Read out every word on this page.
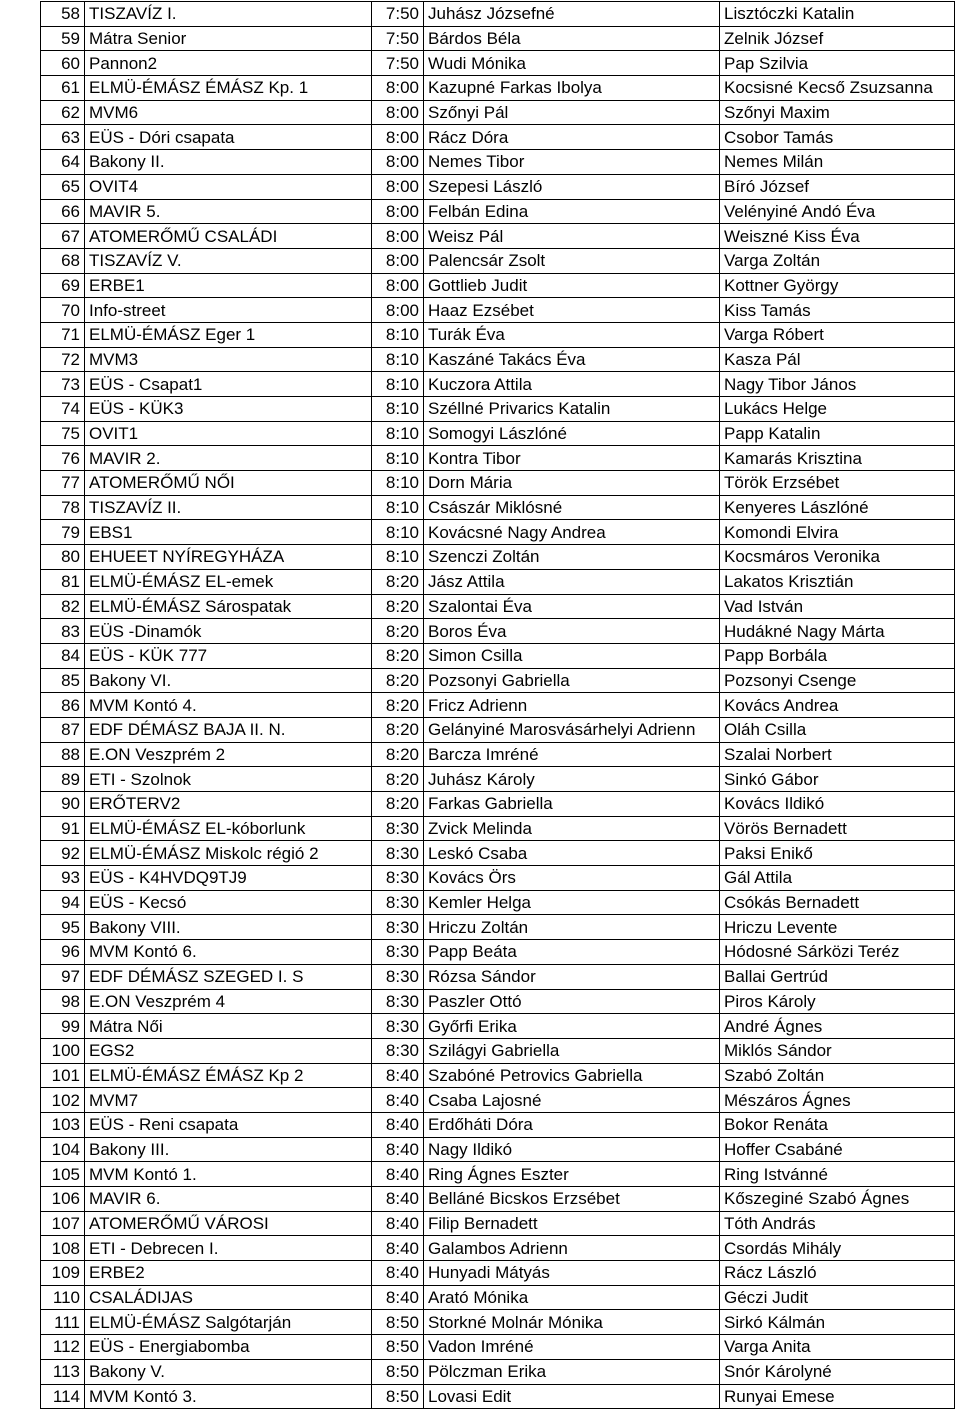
58	TISZAVÍZ I.	7:50	Juhász Józsefné	Lisztóczki Katalin
59	Mátra Senior	7:50	Bárdos Béla	Zelnik József
60	Pannon2	7:50	Wudi Mónika	Pap Szilvia
61	ELMÜ-ÉMÁSZ ÉMÁSZ Kp. 1	8:00	Kazupné Farkas Ibolya	Kocsisné Kecső Zsuzsanna
62	MVM6	8:00	Szőnyi Pál	Szőnyi Maxim
63	EÜS - Dóri csapata	8:00	Rácz Dóra	Csobor Tamás
64	Bakony II.	8:00	Nemes Tibor	Nemes Milán
65	OVIT4	8:00	Szepesi László	Bíró József
66	MAVIR 5.	8:00	Felbán Edina	Velényiné Andó Éva
67	ATOMERŐMŰ CSALÁDI	8:00	Weisz Pál	Weiszné Kiss Éva
68	TISZAVÍZ V.	8:00	Palencsár Zsolt	Varga Zoltán
69	ERBE1	8:00	Gottlieb Judit	Kottner György
70	Info-street	8:00	Haaz Ezsébet	Kiss Tamás
71	ELMÜ-ÉMÁSZ Eger 1	8:10	Turák Éva	Varga Róbert
72	MVM3	8:10	Kaszáné Takács Éva	Kasza Pál
73	EÜS - Csapat1	8:10	Kuczora Attila	Nagy Tibor János
74	EÜS - KÜK3	8:10	Széllné Privarics Katalin	Lukács Helge
75	OVIT1	8:10	Somogyi Lászlóné	Papp Katalin
76	MAVIR 2.	8:10	Kontra Tibor	Kamarás Krisztina
77	ATOMERŐMŰ NŐI	8:10	Dorn Mária	Török Erzsébet
78	TISZAVÍZ II.	8:10	Császár Miklósné	Kenyeres Lászlóné
79	EBS1	8:10	Kovácsné Nagy Andrea	Komondi Elvira
80	EHUEET NYÍREGYHÁZA	8:10	Szenczi Zoltán	Kocsmáros Veronika
81	ELMÜ-ÉMÁSZ EL-emek	8:20	Jász Attila	Lakatos Krisztián
82	ELMÜ-ÉMÁSZ Sárospatak	8:20	Szalontai Éva	Vad István
83	EÜS -Dinamók	8:20	Boros Éva	Hudákné Nagy Márta
84	EÜS - KÜK 777	8:20	Simon Csilla	Papp Borbála
85	Bakony VI.	8:20	Pozsonyi Gabriella	Pozsonyi Csenge
86	MVM Kontó 4.	8:20	Fricz Adrienn	Kovács Andrea
87	EDF DÉMÁSZ BAJA II. N.	8:20	Gelányiné Marosvásárhelyi Adrienn	Oláh Csilla
88	E.ON Veszprém 2	8:20	Barcza Imréné	Szalai Norbert
89	ETI - Szolnok	8:20	Juhász Károly	Sinkó Gábor
90	ERŐTERV2	8:20	Farkas Gabriella	Kovács Ildikó
91	ELMÜ-ÉMÁSZ EL-kóborlunk	8:30	Zvick Melinda	Vörös Bernadett
92	ELMÜ-ÉMÁSZ Miskolc régió 2	8:30	Leskó Csaba	Paksi Enikő
93	EÜS - K4HVDQ9TJ9	8:30	Kovács Örs	Gál Attila
94	EÜS - Kecsó	8:30	Kemler Helga	Csókás Bernadett
95	Bakony VIII.	8:30	Hriczu Zoltán	Hriczu Levente
96	MVM Kontó 6.	8:30	Papp Beáta	Hódosné Sárközi Teréz
97	EDF DÉMÁSZ SZEGED I. S	8:30	Rózsa Sándor	Ballai Gertrúd
98	E.ON Veszprém 4	8:30	Paszler Ottó	Piros Károly
99	Mátra Női	8:30	Győrfi Erika	André Ágnes
100	EGS2	8:30	Szilágyi Gabriella	Miklós Sándor
101	ELMÜ-ÉMÁSZ ÉMÁSZ Kp 2	8:40	Szabóné Petrovics Gabriella	Szabó Zoltán
102	MVM7	8:40	Csaba Lajosné	Mészáros Ágnes
103	EÜS - Reni csapata	8:40	Erdőháti Dóra	Bokor Renáta
104	Bakony III.	8:40	Nagy Ildikó	Hoffer Csabáné
105	MVM Kontó 1.	8:40	Ring Ágnes Eszter	Ring Istvánné
106	MAVIR 6.	8:40	Belláné Bicskos Erzsébet	Kőszeginé Szabó Ágnes
107	ATOMERŐMŰ VÁROSI	8:40	Filip Bernadett	Tóth András
108	ETI - Debrecen I.	8:40	Galambos Adrienn	Csordás Mihály
109	ERBE2	8:40	Hunyadi Mátyás	Rácz László
110	CSALÁDIJAS	8:40	Arató Mónika	Géczi Judit
111	ELMÜ-ÉMÁSZ Salgótarján	8:50	Storkné Molnár Mónika	Sirkó Kálmán
112	EÜS - Energiabomba	8:50	Vadon Imréné	Varga Anita
113	Bakony V.	8:50	Pölczman Erika	Snór Károlyné
114	MVM Kontó 3.	8:50	Lovasi Edit	Runyai Emese
